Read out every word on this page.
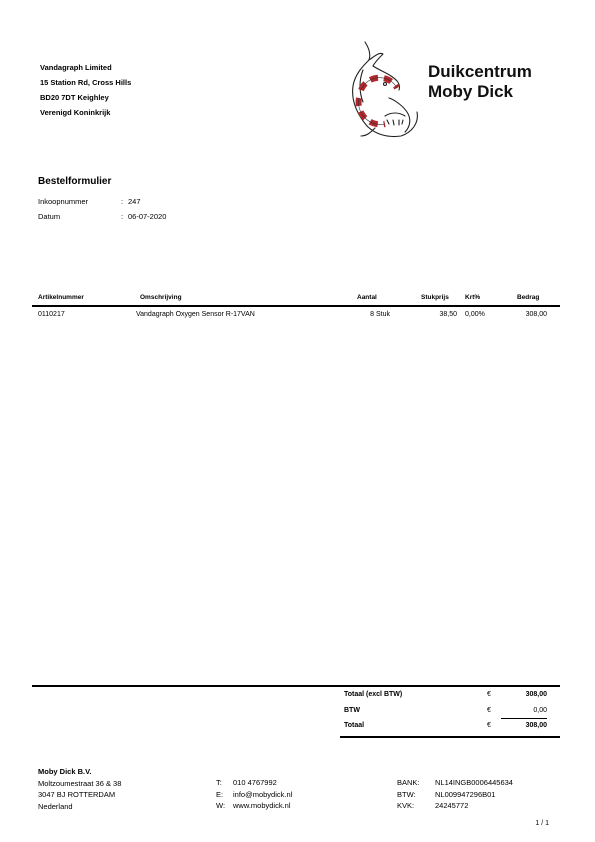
Vandagraph Limited
15 Station Rd, Cross Hills
BD20 7DT Keighley
Verenigd Koninkrijk
Duikcentrum
Moby Dick
Bestelformulier
Inkoopnummer	: 247
Datum	: 06-07-2020
Artikelnummer	Omschrijving	Aantal	Stukprijs Krt%	Bedrag
0110217	Vandagraph Oxygen Sensor R-17VAN	8 Stuk	38,50 0,00%	308,00
Totaal (excl BTW)	€	308,00
BTW	€	0,00
Totaal	€	308,00
Moby Dick B.V.
Moltzoumestraat 36 & 38
3047 BJ ROTTERDAM
Nederland
T: 010 4767992
E: info@mobydick.nl
W: www.mobydick.nl
BANK: NL14INGB0006445634
BTW:	NL009947296B01
KVK:	24245772
1 / 1
